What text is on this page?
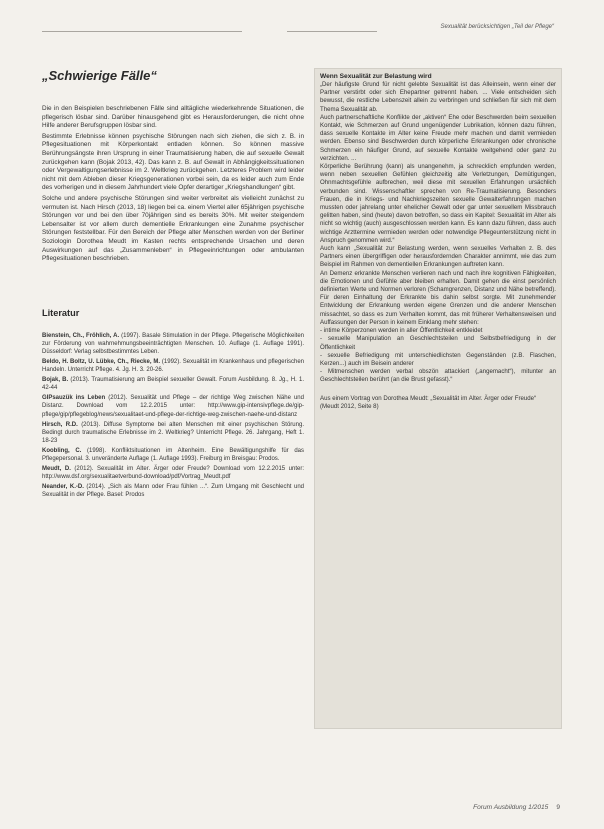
Sexualität berücksichtigen „Teil der Pflege“
„Schwierige Fälle“

Die in den Beispielen beschriebenen Fälle sind alltägliche wiederkehrende Situationen, die pflegerisch lösbar sind. Darüber hinausgehend gibt es Herausforderungen, die nicht ohne Hilfe anderer Berufsgruppen lösbar sind.

Bestimmte Erlebnisse können psychische Störungen nach sich ziehen, die sich z. B. in Pflegesituationen mit Körperkontakt entladen können. So können massive Berührungsängste ihren Ursprung in einer Traumatisierung haben, die auf sexuelle Gewalt zurückgehen kann (Bojak 2013, 42). Das kann z. B. auf Gewalt in Abhängigkeitssituationen oder Vergewaltigungserlebnisse im 2. Weltkrieg zurückgehen. Letzteres Problem wird leider nicht mit dem Ableben dieser Kriegsgenerationen vorbei sein, da es leider auch zum Ende des vorherigen und in diesem Jahrhundert viele Opfer derartiger „Kriegshandlungen“ gibt.

Solche und andere psychische Störungen sind weiter verbreitet als vielleicht zunächst zu vermuten ist. Nach Hirsch (2013, 18) liegen bei ca. einem Viertel aller 65jährigen psychische Störungen vor und bei den über 70jährigen sind es bereits 30%. Mit weiter steigendem Lebensalter ist vor allem durch dementielle Erkrankungen eine Zunahme psychischer Störungen feststellbar. Für den Bereich der Pflege alter Menschen werden von der Berliner Soziologin Dorothea Meudt im Kasten rechts entsprechende Ursachen und deren Auswirkungen auf das „Zusammenleben“ in Pflegeeinrichtungen oder ambulanten Pflegesituationen beschrieben.

Literatur

Bienstein, Ch., Fröhlich, A. (1997). Basale Stimulation in der Pflege. Pflegerische Möglichkeiten zur Förderung von wahrnehmungsbeeinträchtigten Menschen. 10. Auflage (1. Auflage 1991). Düsseldorf: Verlag selbstbestimmtes Leben.

Beldo, H. Boltz, U. Lübke, Ch., Riecke, M. (1992). Sexualität im Krankenhaus und pflegerischen Handeln. Unterricht Pflege. 4. Jg. H. 3. 20-26.

Bojak, B. (2013). Traumatisierung am Beispiel sexueller Gewalt. Forum Ausbildung. 8. Jg., H. 1. 42-44

GIPsauzük ins Leben (2012). Sexualität und Pflege – der richtige Weg zwischen Nähe und Distanz. Download vom 12.2.2015 unter: http://www.gip-intensivpflege.de/gip-pflege/gip/pflegeblog/news/sexualitaet-und-pflege-der-richtige-weg-zwischen-naehe-und-distanz

Hirsch, R.D. (2013). Diffuse Symptome bei alten Menschen mit einer psychischen Störung. Bedingt durch traumatische Erlebnisse im 2. Weltkrieg? Unterricht Pflege. 26. Jahrgang, Heft 1. 18-23

Koobling, C. (1998). Konfliktsituationen im Altenheim. Eine Bewältigungshilfe für das Pflegepersonal. 3. unveränderte Auflage (1. Auflage 1993). Freiburg im Breisgau: Prodos.

Meudt, D. (2012). Sexualität im Alter. Ärger oder Freude? Download vom 12.2.2015 unter: http://www.dsf.org/sexualitaetverbund-download/pdf/Vortrag_Meudt.pdf

Neander, K.-D. (2014). „Sich als Mann oder Frau fühlen ...“. Zum Umgang mit Geschlecht und Sexualität in der Pflege. Basel: Prodos

Wenn Sexualität zur Belastung wird

„Der häufigste Grund für nicht gelebte Sexualität ist das Alleinsein, wenn einer der Partner verstirbt oder sich Ehepartner getrennt haben. ... Viele entscheiden sich bewusst, die restliche Lebenszeit allein zu verbringen und schließen für sich mit dem Thema Sexualität ab.

Auch partnerschaftliche Konflikte der „aktiven“ Ehe oder Beschwerden beim sexuellen Kontakt, wie Schmerzen auf Grund ungenügender Lubrikation, können dazu führen, dass sexuelle Kontakte im Alter keine Freude mehr machen und damit vermieden werden. Ebenso sind Beschwerden durch körperliche Erkrankungen oder chronische Schmerzen ein häufiger Grund, auf sexuelle Kontakte weitgehend oder ganz zu verzichten. ...

Körperliche Berührung (kann) als unangenehm, ja schrecklich empfunden werden, wenn neben sexuellen Gefühlen gleichzeitig alte Verletzungen, Demütigungen, Ohnmachtsgefühle aufbrechen, weil diese mit sexuellen Erfahrungen ursächlich verbunden sind. Wissenschaftler sprechen von Re-Traumatisierung. Besonders Frauen, die in Kriegs- und Nachkriegszeiten sexuelle Gewalterfahrungen machen mussten oder jahrelang unter ehelicher Gewalt oder gar unter sexuellem Missbrauch gelitten haben, sind (heute) davon betroffen, so dass ein Kapitel: Sexualität im Alter als nicht so wichtig (auch) ausgeschlossen werden kann. Es kann dazu führen, dass auch wichtige Arzttermine vermieden werden oder notwendige Pflegeunterstützung nicht in Anspruch genommen wird.“

Auch kann „Sexualität zur Belastung werden, wenn sexuelles Verhalten z. B. des Partners einen übergriffigen oder herausfordernden Charakter annimmt, wie das zum Beispiel im Rahmen von dementiellen Erkrankungen auftreten kann.

An Demenz erkrankte Menschen verlieren nach und nach ihre kognitiven Fähigkeiten, die Emotionen und Gefühle aber bleiben erhalten. Damit gehen die einst persönlich definierten Werte und Normen verloren (Schamgrenzen, Distanz und Nähe betreffend). Für deren Einhaltung der Erkrankte bis dahin selbst sorgte. Mit zunehmender Entwicklung der Erkrankung werden eigene Grenzen und die anderer Menschen missachtet, so dass es zum Verhalten kommt, das mit früherer Verhaltensweisen und Auffassungen der Person in keinem Einklang mehr stehen:

- intime Körperzonen werden in aller Öffentlichkeit entkleidet

- sexuelle Manipulation an Geschlechtsteilen und Selbstbefriedigung in der Öffentlichkeit

- sexuelle Befriedigung mit unterschiedlichsten Gegenständen (z.B. Flaschen, Kerzen...) auch im Beisein anderer

- Mitmenschen werden verbal obszön attackiert („angemacht“), mitunter an Geschlechtsteilen berührt (an die Brust gefasst).“

Aus einem Vortrag von Dorothea Meudt: „Sexualität im Alter. Ärger oder Freude“ (Meudt 2012, Seite 8)
Forum Ausbildung 1/2015 9
